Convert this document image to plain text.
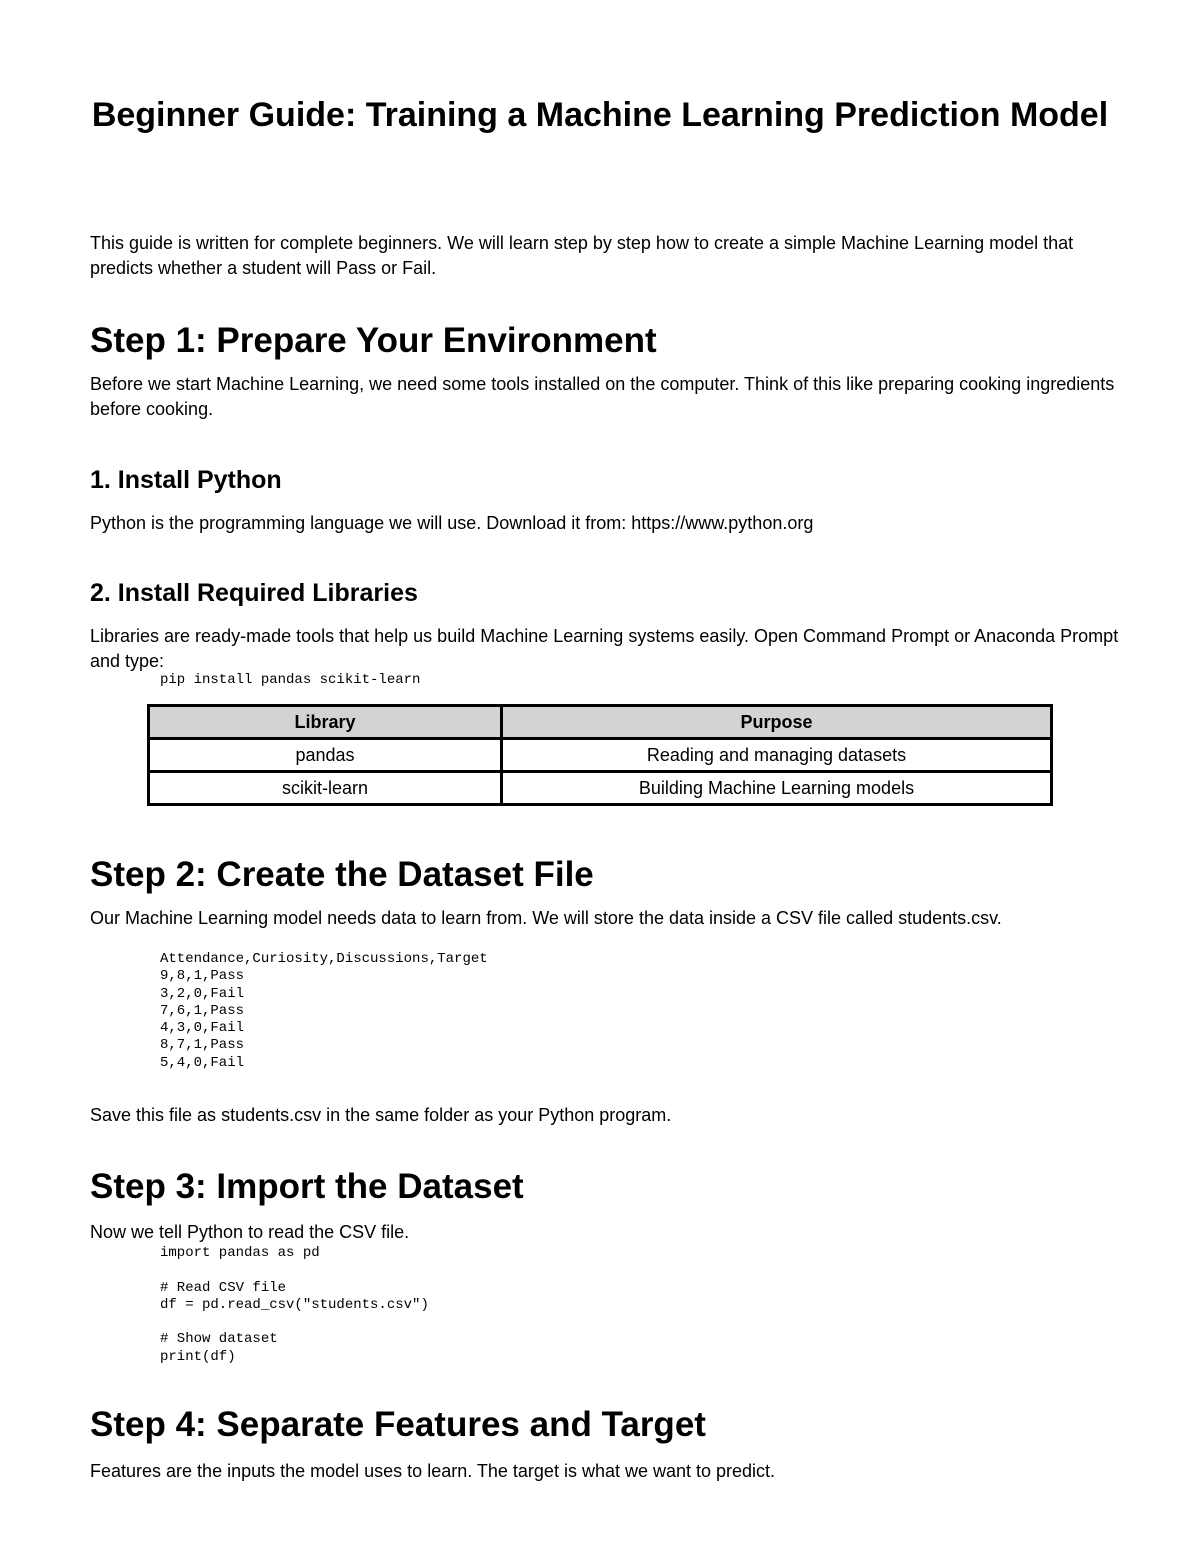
Beginner Guide: Training a Machine Learning Prediction Model

This guide is written for complete beginners. We will learn step by step how to create a simple Machine Learning model that predicts whether a student will Pass or Fail.

Step 1: Prepare Your Environment

Before we start Machine Learning, we need some tools installed on the computer. Think of this like preparing cooking ingredients before cooking.

1. Install Python

Python is the programming language we will use. Download it from: https://www.python.org

2. Install Required Libraries

Libraries are ready-made tools that help us build Machine Learning systems easily. Open Command Prompt or Anaconda Prompt and type:

pip install pandas scikit-learn
Library	Purpose
pandas	Reading and managing datasets
scikit-learn	Building Machine Learning models
Step 2: Create the Dataset File

Our Machine Learning model needs data to learn from. We will store the data inside a CSV file called students.csv.

Attendance,Curiosity,Discussions,Target
9,8,1,Pass
3,2,0,Fail
7,6,1,Pass
4,3,0,Fail
8,7,1,Pass
5,4,0,Fail

Save this file as students.csv in the same folder as your Python program.

Step 3: Import the Dataset

Now we tell Python to read the CSV file.

import pandas as pd

# Read CSV file
df = pd.read_csv("students.csv")

# Show dataset
print(df)
Step 4: Separate Features and Target

Features are the inputs the model uses to learn. The target is what we want to predict.
